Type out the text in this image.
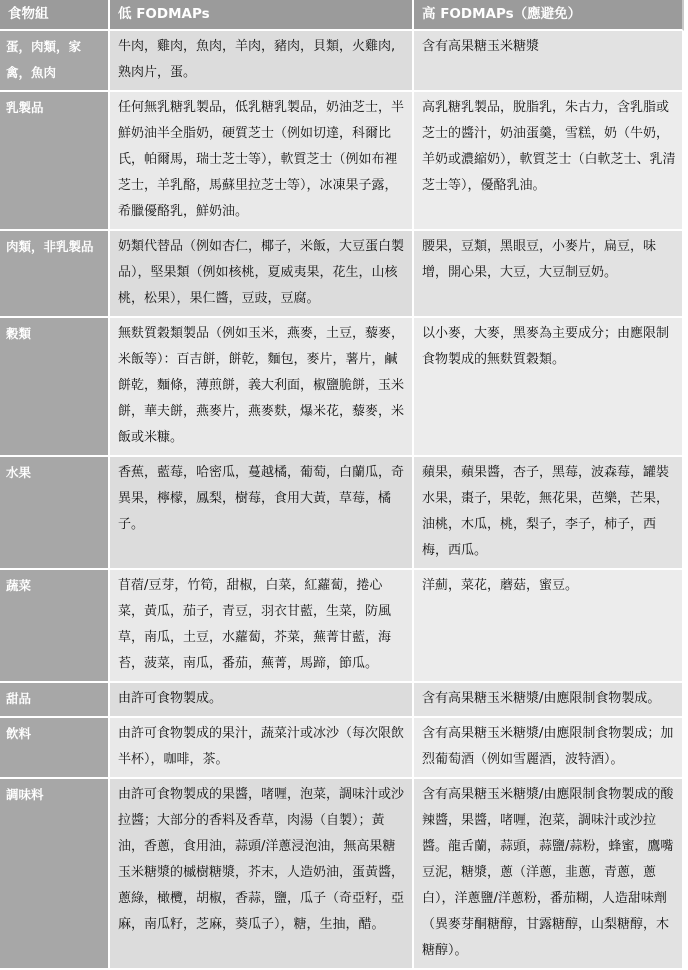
食物組	低 FODMAPs	高 FODMAPs（應避免）
蛋，肉類，家禽，魚肉	牛肉，雞肉，魚肉，羊肉，豬肉，貝類，火雞肉, 熟肉片，蛋。	含有高果糖玉米糖漿
乳製品	任何無乳糖乳製品，低乳糖乳製品，奶油芝士，半鮮奶油半全脂奶，硬質芝士（例如切達，科爾比氏，帕爾馬，瑞士芝士等），軟質芝士（例如布裡芝士，羊乳酪，馬蘇里拉芝士等），冰凍果子露，希臘優酪乳，鮮奶油。	高乳糖乳製品，脫脂乳，朱古力，含乳脂或芝士的醬汁，奶油蛋羹，雪糕，奶（牛奶，羊奶或濃縮奶），軟質芝士（白軟芝士、乳清芝士等），優酪乳油。
肉類，非乳製品	奶類代替品（例如杏仁，椰子，米飯，大豆蛋白製品），堅果類（例如核桃，夏威夷果，花生，山核桃，松果），果仁醬，豆豉，豆腐。	腰果，豆類，黑眼豆，小麥片，扁豆，味增，開心果，大豆，大豆制豆奶。
穀類	無麩質穀類製品（例如玉米，燕麥，土豆，藜麥，米飯等）：百吉餅，餅乾，麵包，麥片，薯片，鹹餅乾，麵條，薄煎餅，義大利面，椒鹽脆餅，玉米餅，華夫餅，燕麥片，燕麥麩，爆米花，藜麥，米飯或米糠。	以小麥，大麥，黑麥為主要成分；由應限制食物製成的無麩質穀類。
水果	香蕉，藍莓，哈密瓜，蔓越橘，葡萄，白蘭瓜，奇異果，檸檬，鳳梨，樹莓，食用大黃，草莓，橘子。	蘋果，蘋果醬，杏子，黑莓，波森莓，罐裝水果，棗子，果乾，無花果，芭樂，芒果，油桃，木瓜，桃，梨子，李子，柿子，西梅，西瓜。
蔬菜	苜蓿/豆芽，竹筍，甜椒，白菜，紅蘿蔔，捲心菜，黃瓜，茄子，青豆，羽衣甘藍，生菜，防風草，南瓜，土豆，水蘿蔔，芥菜，蕪菁甘藍，海苔，菠菜，南瓜，番茄，蕪菁，馬蹄，節瓜。	洋薊，菜花，蘑菇，蜜豆。
甜品	由許可食物製成。	含有高果糖玉米糖漿/由應限制食物製成。
飲料	由許可食物製成的果汁，蔬菜汁或冰沙（每次限飲半杯），咖啡，茶。	含有高果糖玉米糖漿/由應限制食物製成；加烈葡萄酒（例如雪麗酒，波特酒）。
調味料	由許可食物製成的果醬，啫喱，泡菜，調味汁或沙拉醬；大部分的香料及香草，肉湯（自製）；黃油，香蔥，食用油，蒜頭/洋蔥浸泡油，無高果糖玉米糖漿的槭樹糖漿，芥末，人造奶油，蛋黃醬，蔥綠，橄欖，胡椒，香蒜，鹽，瓜子（奇亞籽，亞麻，南瓜籽，芝麻，葵瓜子），糖，生抽，醋。	含有高果糖玉米糖漿/由應限制食物製成的酸辣醬，果醬，啫喱，泡菜，調味汁或沙拉醬。龍舌蘭，蒜頭，蒜鹽/蒜粉，蜂蜜，鷹嘴豆泥，糖漿，蔥（洋蔥，韭蔥，青蔥，蔥白），洋蔥鹽/洋蔥粉，番茄糊，人造甜味劑（異麥芽酮糖醇，甘露糖醇，山梨糖醇，木糖醇）。
